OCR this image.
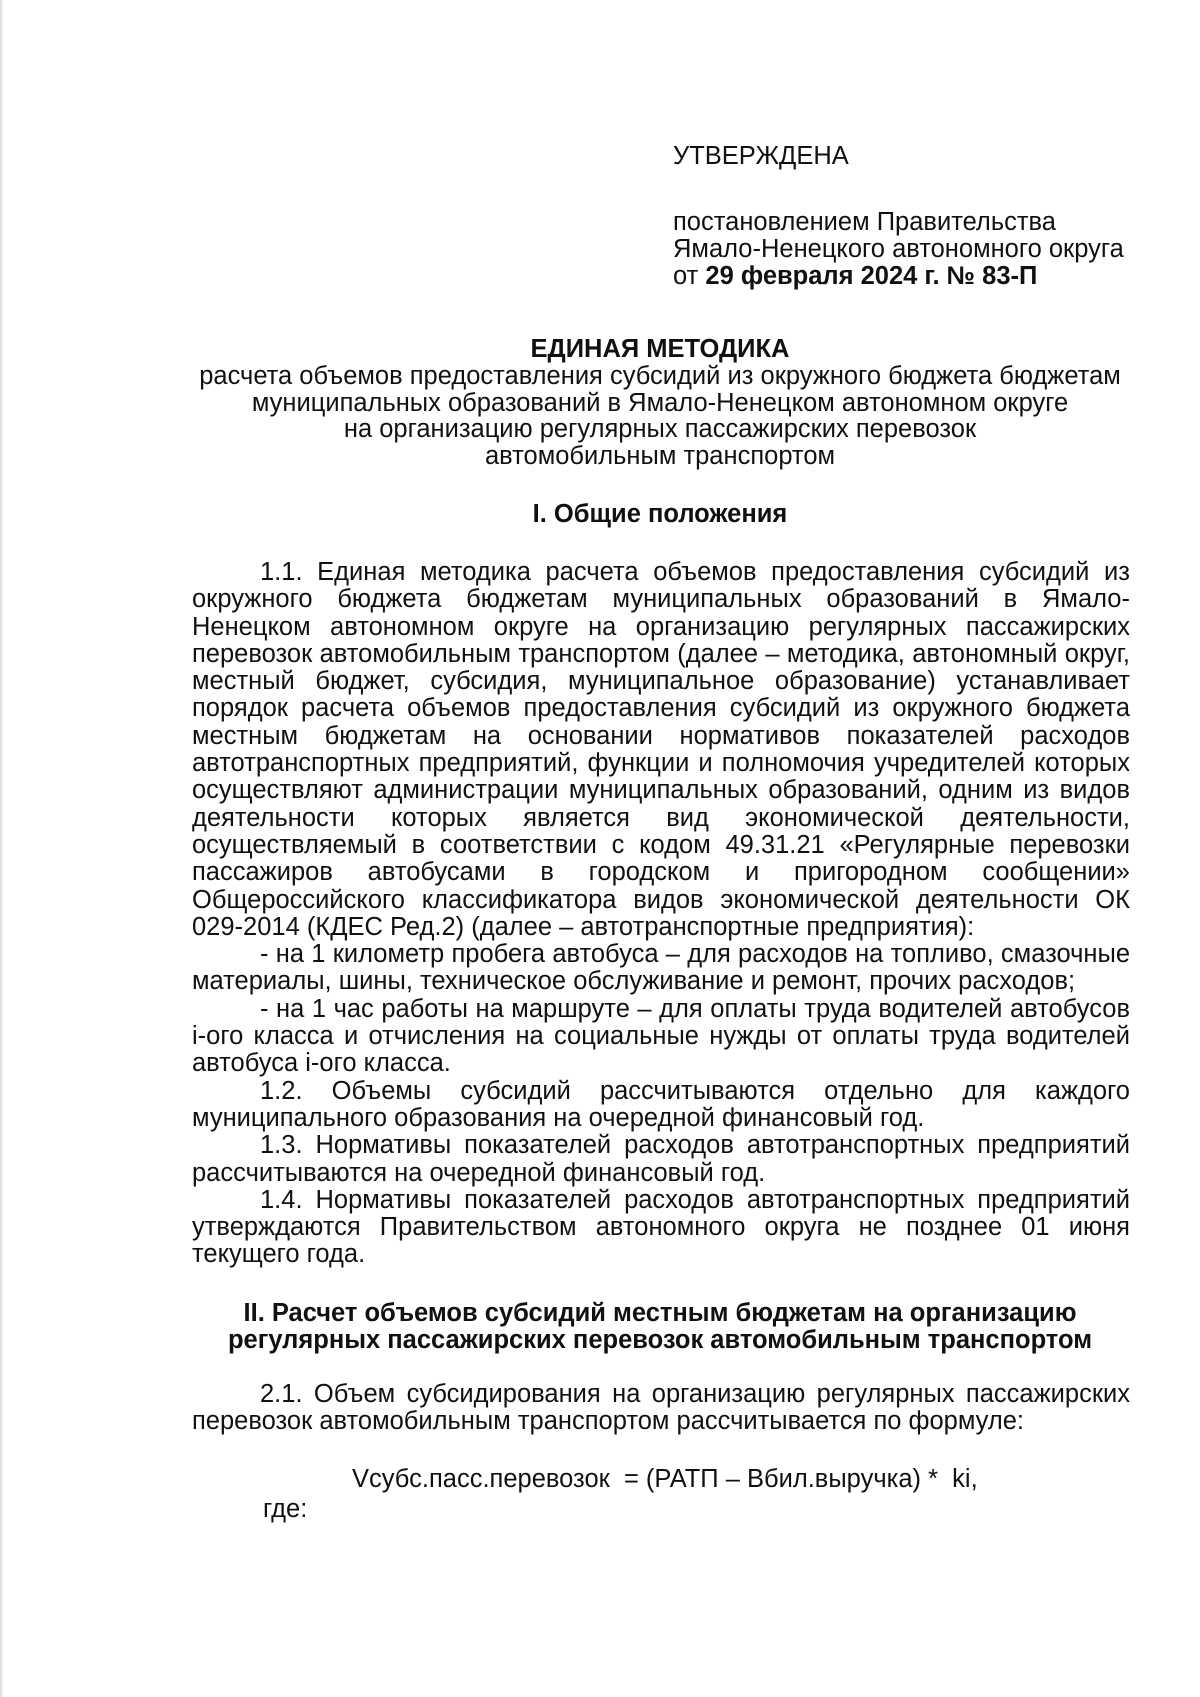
УТВЕРЖДЕНА
постановлением Правительства
Ямало-Ненецкого автономного округа
от 29 февраля 2024 г. № 83-П
ЕДИНАЯ МЕТОДИКА
расчета объемов предоставления субсидий из окружного бюджета бюджетам
муниципальных образований в Ямало-Ненецком автономном округе
на организацию регулярных пассажирских перевозок
автомобильным транспортом
I. Общие положения

1.1. Единая методика расчета объемов предоставления субсидий из окружного бюджета бюджетам муниципальных образований в Ямало-Ненецком автономном округе на организацию регулярных пассажирских перевозок автомобильным транспортом (далее – методика, автономный округ, местный бюджет, субсидия, муниципальное образование) устанавливает порядок расчета объемов предоставления субсидий из окружного бюджета местным бюджетам на основании нормативов показателей расходов автотранспортных предприятий, функции и полномочия учредителей которых осуществляют администрации муниципальных образований, одним из видов деятельности которых является вид экономической деятельности, осуществляемый в соответствии с кодом 49.31.21 «Регулярные перевозки пассажиров автобусами в городском и пригородном сообщении» Общероссийского классификатора видов экономической деятельности ОК 029-2014 (КДЕС Ред.2) (далее – автотранспортные предприятия):

- на 1 километр пробега автобуса – для расходов на топливо, смазочные материалы, шины, техническое обслуживание и ремонт, прочих расходов;

- на 1 час работы на маршруте – для оплаты труда водителей автобусов i-ого класса и отчисления на социальные нужды от оплаты труда водителей автобуса i-ого класса.

1.2. Объемы субсидий рассчитываются отдельно для каждого муниципального образования на очередной финансовый год.

1.3. Нормативы показателей расходов автотранспортных предприятий рассчитываются на очередной финансовый год.

1.4. Нормативы показателей расходов автотранспортных предприятий утверждаются Правительством автономного округа не позднее 01 июня текущего года.

II. Расчет объемов субсидий местным бюджетам на организацию
регулярных пассажирских перевозок автомобильным транспортом

2.1. Объем субсидирования на организацию регулярных пассажирских перевозок автомобильным транспортом рассчитывается по формуле:

Vсубс.пасс.перевозок  = (РАТП – Вбил.выручка) *  ki,
где:
